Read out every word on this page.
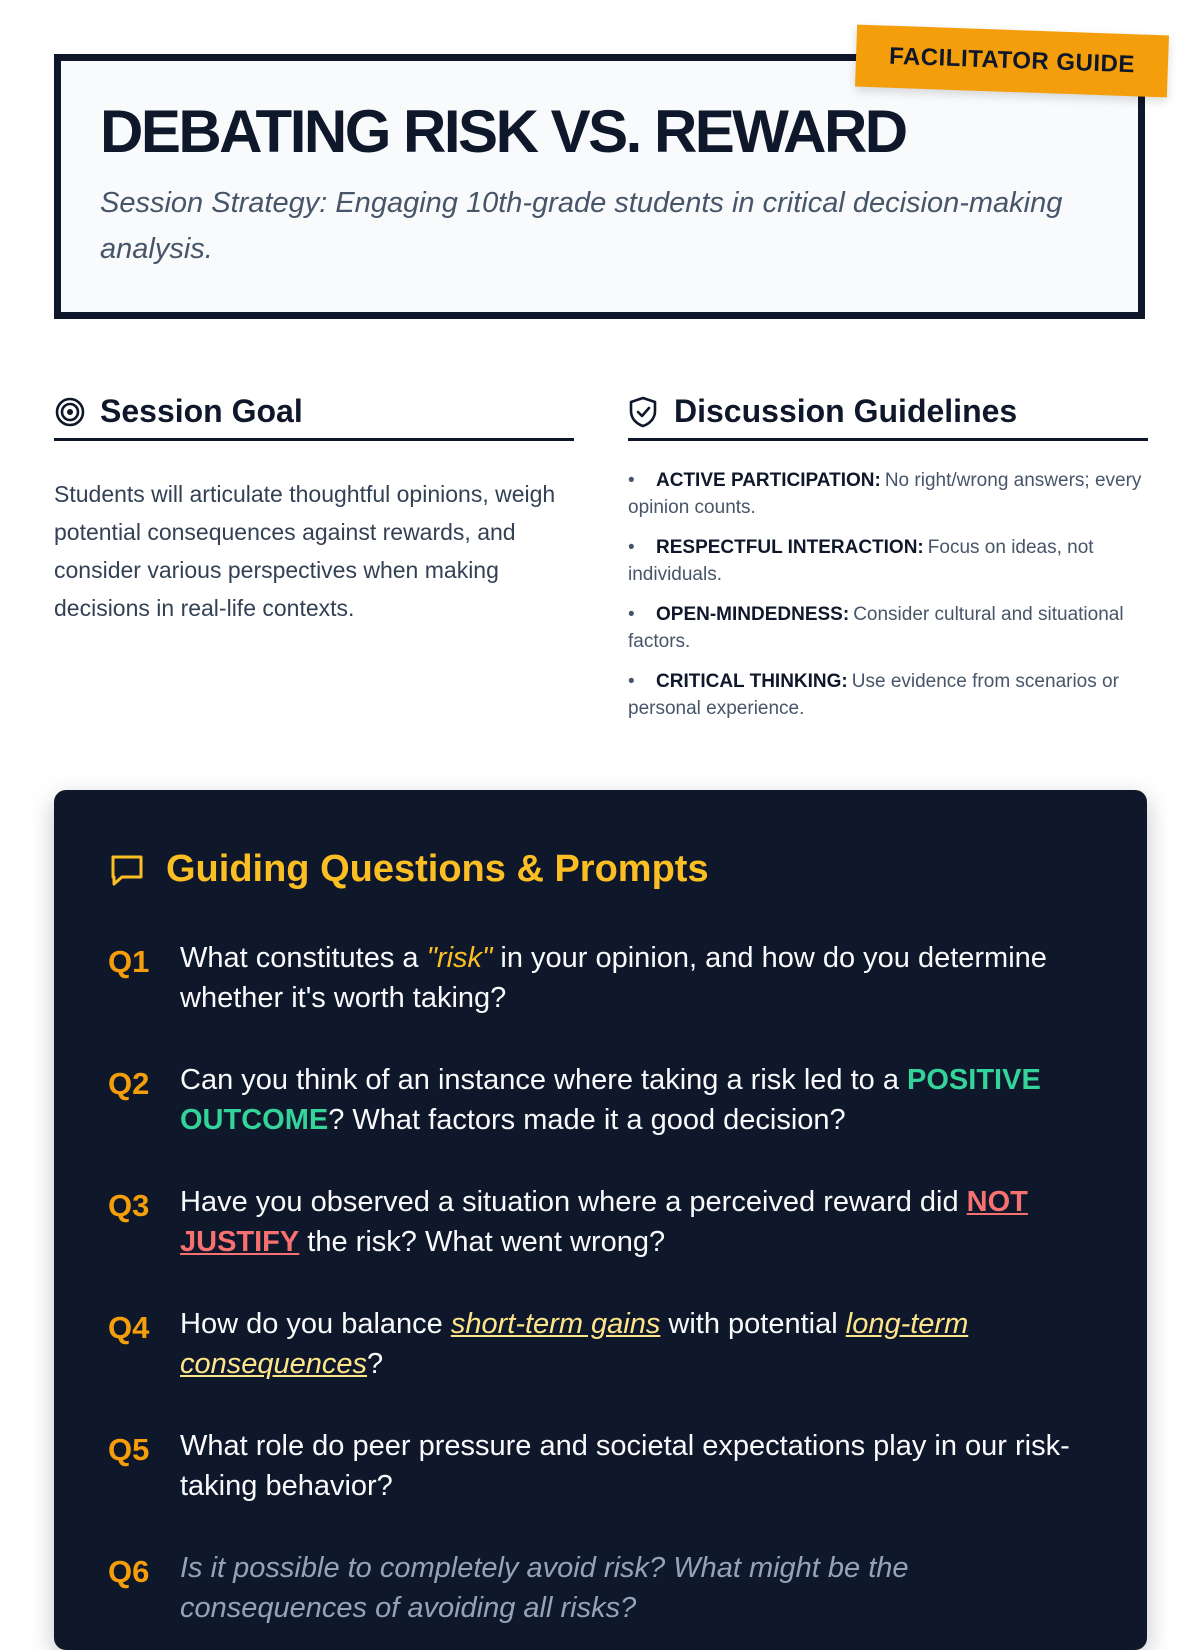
FACILITATOR GUIDE
DEBATING RISK VS. REWARD

Session Strategy: Engaging 10th-grade students in critical decision-making analysis.

Session Goal

Students will articulate thoughtful opinions, weigh potential consequences against rewards, and consider various perspectives when making decisions in real-life contexts.

Discussion Guidelines
• ACTIVE PARTICIPATION: No right/wrong answers; every opinion counts.
• RESPECTFUL INTERACTION: Focus on ideas, not individuals.
• OPEN-MINDEDNESS: Consider cultural and situational factors.
• CRITICAL THINKING: Use evidence from scenarios or personal experience.
Guiding Questions & Prompts
Q1	What constitutes a "risk" in your opinion, and how do you determine whether it's worth taking?
Q2	Can you think of an instance where taking a risk led to a POSITIVE OUTCOME? What factors made it a good decision?
Q3	Have you observed a situation where a perceived reward did NOT JUSTIFY the risk? What went wrong?
Q4	How do you balance short-term gains with potential long-term consequences?
Q5	What role do peer pressure and societal expectations play in our risk-taking behavior?
Q6	Is it possible to completely avoid risk? What might be the consequences of avoiding all risks?
